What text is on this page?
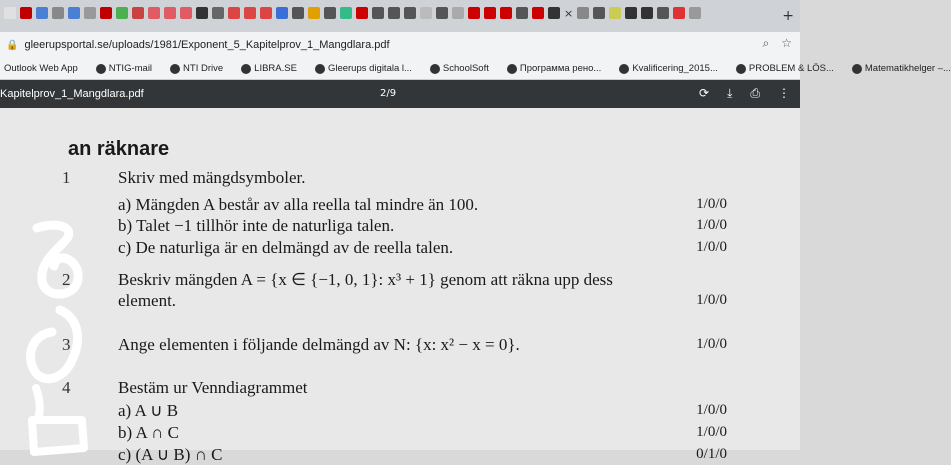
×	+
🔒 gleerupsportal.se/uploads/1981/Exponent_5_Kapitelprov_1_Mangdlara.pdf	⌕ ☆
Outlook Web App	NTIG-mail	NTI Drive	LIBRA.SE	Gleerups digitala l...	SchoolSoft	Программа рено...	Kvalificering_2015...	PROBLEM & LÖS...	Matematikhelger –...
Kapitelprov_1_Mangdlara.pdf	2/9	⟳ ⤓ ⎙ ⋮
an räknare
1	Skriv med mängdsymboler.
a) Mängden A består av alla reella tal mindre än 100.	1/0/0
b) Talet −1 tillhör inte de naturliga talen.	1/0/0
c) De naturliga är en delmängd av de reella talen.	1/0/0
2	Beskriv mängden A = {x ∈ {−1, 0, 1}: x³ + 1} genom att räkna upp dess
element.	1/0/0
3	Ange elementen i följande delmängd av N: {x: x² − x = 0}.	1/0/0
4	Bestäm ur Venndiagrammet
a) A ∪ B	1/0/0
b) A ∩ C	1/0/0
c) (A ∪ B) ∩ C	0/1/0
